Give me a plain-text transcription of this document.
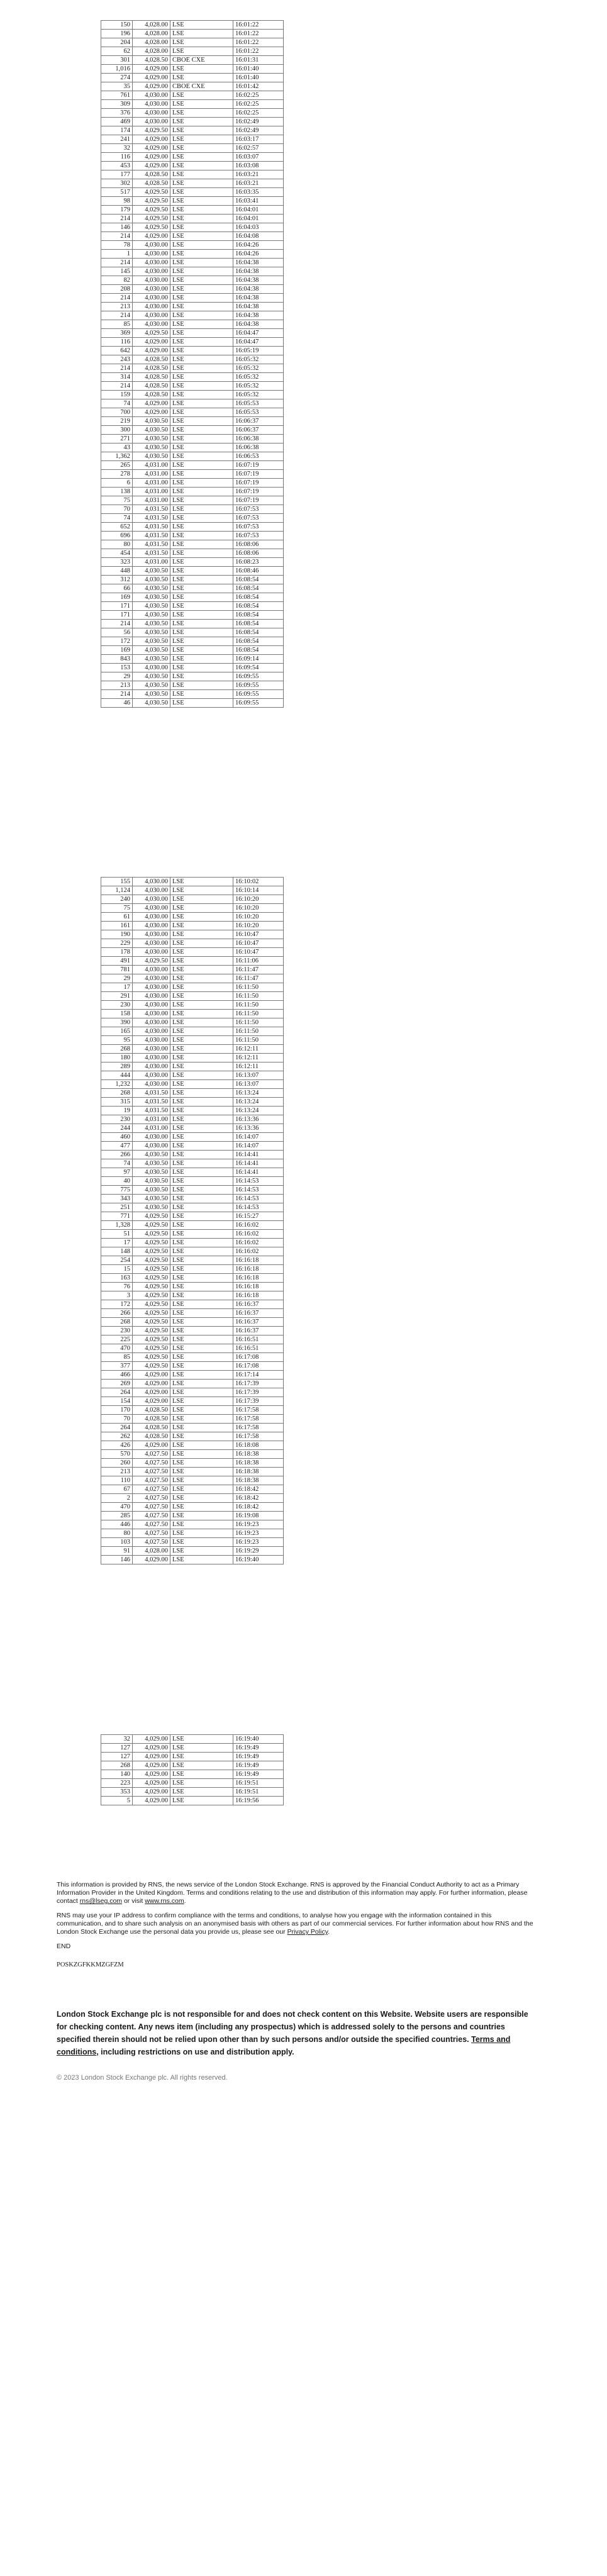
150	4,028.00	LSE	16:01:22
196	4,028.00	LSE	16:01:22
204	4,028.00	LSE	16:01:22
62	4,028.00	LSE	16:01:22
301	4,028.50	CBOE CXE	16:01:31
1,016	4,029.00	LSE	16:01:40
274	4,029.00	LSE	16:01:40
35	4,029.00	CBOE CXE	16:01:42
761	4,030.00	LSE	16:02:25
309	4,030.00	LSE	16:02:25
376	4,030.00	LSE	16:02:25
469	4,030.00	LSE	16:02:49
174	4,029.50	LSE	16:02:49
241	4,029.00	LSE	16:03:17
32	4,029.00	LSE	16:02:57
116	4,029.00	LSE	16:03:07
453	4,029.00	LSE	16:03:08
177	4,028.50	LSE	16:03:21
302	4,028.50	LSE	16:03:21
517	4,029.50	LSE	16:03:35
98	4,029.50	LSE	16:03:41
179	4,029.50	LSE	16:04:01
214	4,029.50	LSE	16:04:01
146	4,029.50	LSE	16:04:03
214	4,029.00	LSE	16:04:08
78	4,030.00	LSE	16:04:26
1	4,030.00	LSE	16:04:26
214	4,030.00	LSE	16:04:38
145	4,030.00	LSE	16:04:38
82	4,030.00	LSE	16:04:38
208	4,030.00	LSE	16:04:38
214	4,030.00	LSE	16:04:38
213	4,030.00	LSE	16:04:38
214	4,030.00	LSE	16:04:38
85	4,030.00	LSE	16:04:38
369	4,029.50	LSE	16:04:47
116	4,029.00	LSE	16:04:47
642	4,029.00	LSE	16:05:19
243	4,028.50	LSE	16:05:32
214	4,028.50	LSE	16:05:32
314	4,028.50	LSE	16:05:32
214	4,028.50	LSE	16:05:32
159	4,028.50	LSE	16:05:32
74	4,029.00	LSE	16:05:53
700	4,029.00	LSE	16:05:53
219	4,030.50	LSE	16:06:37
300	4,030.50	LSE	16:06:37
271	4,030.50	LSE	16:06:38
43	4,030.50	LSE	16:06:38
1,362	4,030.50	LSE	16:06:53
265	4,031.00	LSE	16:07:19
278	4,031.00	LSE	16:07:19
6	4,031.00	LSE	16:07:19
138	4,031.00	LSE	16:07:19
75	4,031.00	LSE	16:07:19
70	4,031.50	LSE	16:07:53
74	4,031.50	LSE	16:07:53
652	4,031.50	LSE	16:07:53
696	4,031.50	LSE	16:07:53
80	4,031.50	LSE	16:08:06
454	4,031.50	LSE	16:08:06
323	4,031.00	LSE	16:08:23
448	4,030.50	LSE	16:08:46
312	4,030.50	LSE	16:08:54
66	4,030.50	LSE	16:08:54
169	4,030.50	LSE	16:08:54
171	4,030.50	LSE	16:08:54
171	4,030.50	LSE	16:08:54
214	4,030.50	LSE	16:08:54
56	4,030.50	LSE	16:08:54
172	4,030.50	LSE	16:08:54
169	4,030.50	LSE	16:08:54
843	4,030.50	LSE	16:09:14
153	4,030.00	LSE	16:09:54
29	4,030.50	LSE	16:09:55
213	4,030.50	LSE	16:09:55
214	4,030.50	LSE	16:09:55
46	4,030.50	LSE	16:09:55
155	4,030.00	LSE	16:10:02
1,124	4,030.00	LSE	16:10:14
240	4,030.00	LSE	16:10:20
75	4,030.00	LSE	16:10:20
61	4,030.00	LSE	16:10:20
161	4,030.00	LSE	16:10:20
190	4,030.00	LSE	16:10:47
229	4,030.00	LSE	16:10:47
178	4,030.00	LSE	16:10:47
491	4,029.50	LSE	16:11:06
781	4,030.00	LSE	16:11:47
29	4,030.00	LSE	16:11:47
17	4,030.00	LSE	16:11:50
291	4,030.00	LSE	16:11:50
230	4,030.00	LSE	16:11:50
158	4,030.00	LSE	16:11:50
390	4,030.00	LSE	16:11:50
165	4,030.00	LSE	16:11:50
95	4,030.00	LSE	16:11:50
268	4,030.00	LSE	16:12:11
180	4,030.00	LSE	16:12:11
289	4,030.00	LSE	16:12:11
444	4,030.00	LSE	16:13:07
1,232	4,030.00	LSE	16:13:07
268	4,031.50	LSE	16:13:24
315	4,031.50	LSE	16:13:24
19	4,031.50	LSE	16:13:24
230	4,031.00	LSE	16:13:36
244	4,031.00	LSE	16:13:36
460	4,030.00	LSE	16:14:07
477	4,030.00	LSE	16:14:07
266	4,030.50	LSE	16:14:41
74	4,030.50	LSE	16:14:41
97	4,030.50	LSE	16:14:41
40	4,030.50	LSE	16:14:53
775	4,030.50	LSE	16:14:53
343	4,030.50	LSE	16:14:53
251	4,030.50	LSE	16:14:53
771	4,029.50	LSE	16:15:27
1,328	4,029.50	LSE	16:16:02
51	4,029.50	LSE	16:16:02
17	4,029.50	LSE	16:16:02
148	4,029.50	LSE	16:16:02
254	4,029.50	LSE	16:16:18
15	4,029.50	LSE	16:16:18
163	4,029.50	LSE	16:16:18
76	4,029.50	LSE	16:16:18
3	4,029.50	LSE	16:16:18
172	4,029.50	LSE	16:16:37
266	4,029.50	LSE	16:16:37
268	4,029.50	LSE	16:16:37
230	4,029.50	LSE	16:16:37
225	4,029.50	LSE	16:16:51
470	4,029.50	LSE	16:16:51
85	4,029.50	LSE	16:17:08
377	4,029.50	LSE	16:17:08
466	4,029.00	LSE	16:17:14
269	4,029.00	LSE	16:17:39
264	4,029.00	LSE	16:17:39
154	4,029.00	LSE	16:17:39
170	4,028.50	LSE	16:17:58
70	4,028.50	LSE	16:17:58
264	4,028.50	LSE	16:17:58
262	4,028.50	LSE	16:17:58
426	4,029.00	LSE	16:18:08
570	4,027.50	LSE	16:18:38
260	4,027.50	LSE	16:18:38
213	4,027.50	LSE	16:18:38
110	4,027.50	LSE	16:18:38
67	4,027.50	LSE	16:18:42
2	4,027.50	LSE	16:18:42
470	4,027.50	LSE	16:18:42
285	4,027.50	LSE	16:19:08
446	4,027.50	LSE	16:19:23
80	4,027.50	LSE	16:19:23
103	4,027.50	LSE	16:19:23
91	4,028.00	LSE	16:19:29
146	4,029.00	LSE	16:19:40
32	4,029.00	LSE	16:19:40
127	4,029.00	LSE	16:19:49
127	4,029.00	LSE	16:19:49
268	4,029.00	LSE	16:19:49
140	4,029.00	LSE	16:19:49
223	4,029.00	LSE	16:19:51
353	4,029.00	LSE	16:19:51
5	4,029.00	LSE	16:19:56

This information is provided by RNS, the news service of the London Stock Exchange. RNS is approved by the Financial Conduct Authority to act as a Primary Information Provider in the United Kingdom. Terms and conditions relating to the use and distribution of this information may apply. For further information, please contact rns@lseg.com or visit www.rns.com.

RNS may use your IP address to confirm compliance with the terms and conditions, to analyse how you engage with the information contained in this communication, and to share such analysis on an anonymised basis with others as part of our commercial services. For further information about how RNS and the London Stock Exchange use the personal data you provide us, please see our Privacy Policy.

END

POSKZGFKKMZGFZM
London Stock Exchange plc is not responsible for and does not check content on this Website. Website users are responsible for checking content. Any news item (including any prospectus) which is addressed solely to the persons and countries specified therein should not be relied upon other than by such persons and/or outside the specified countries. Terms and conditions, including restrictions on use and distribution apply.
© 2023 London Stock Exchange plc. All rights reserved.
